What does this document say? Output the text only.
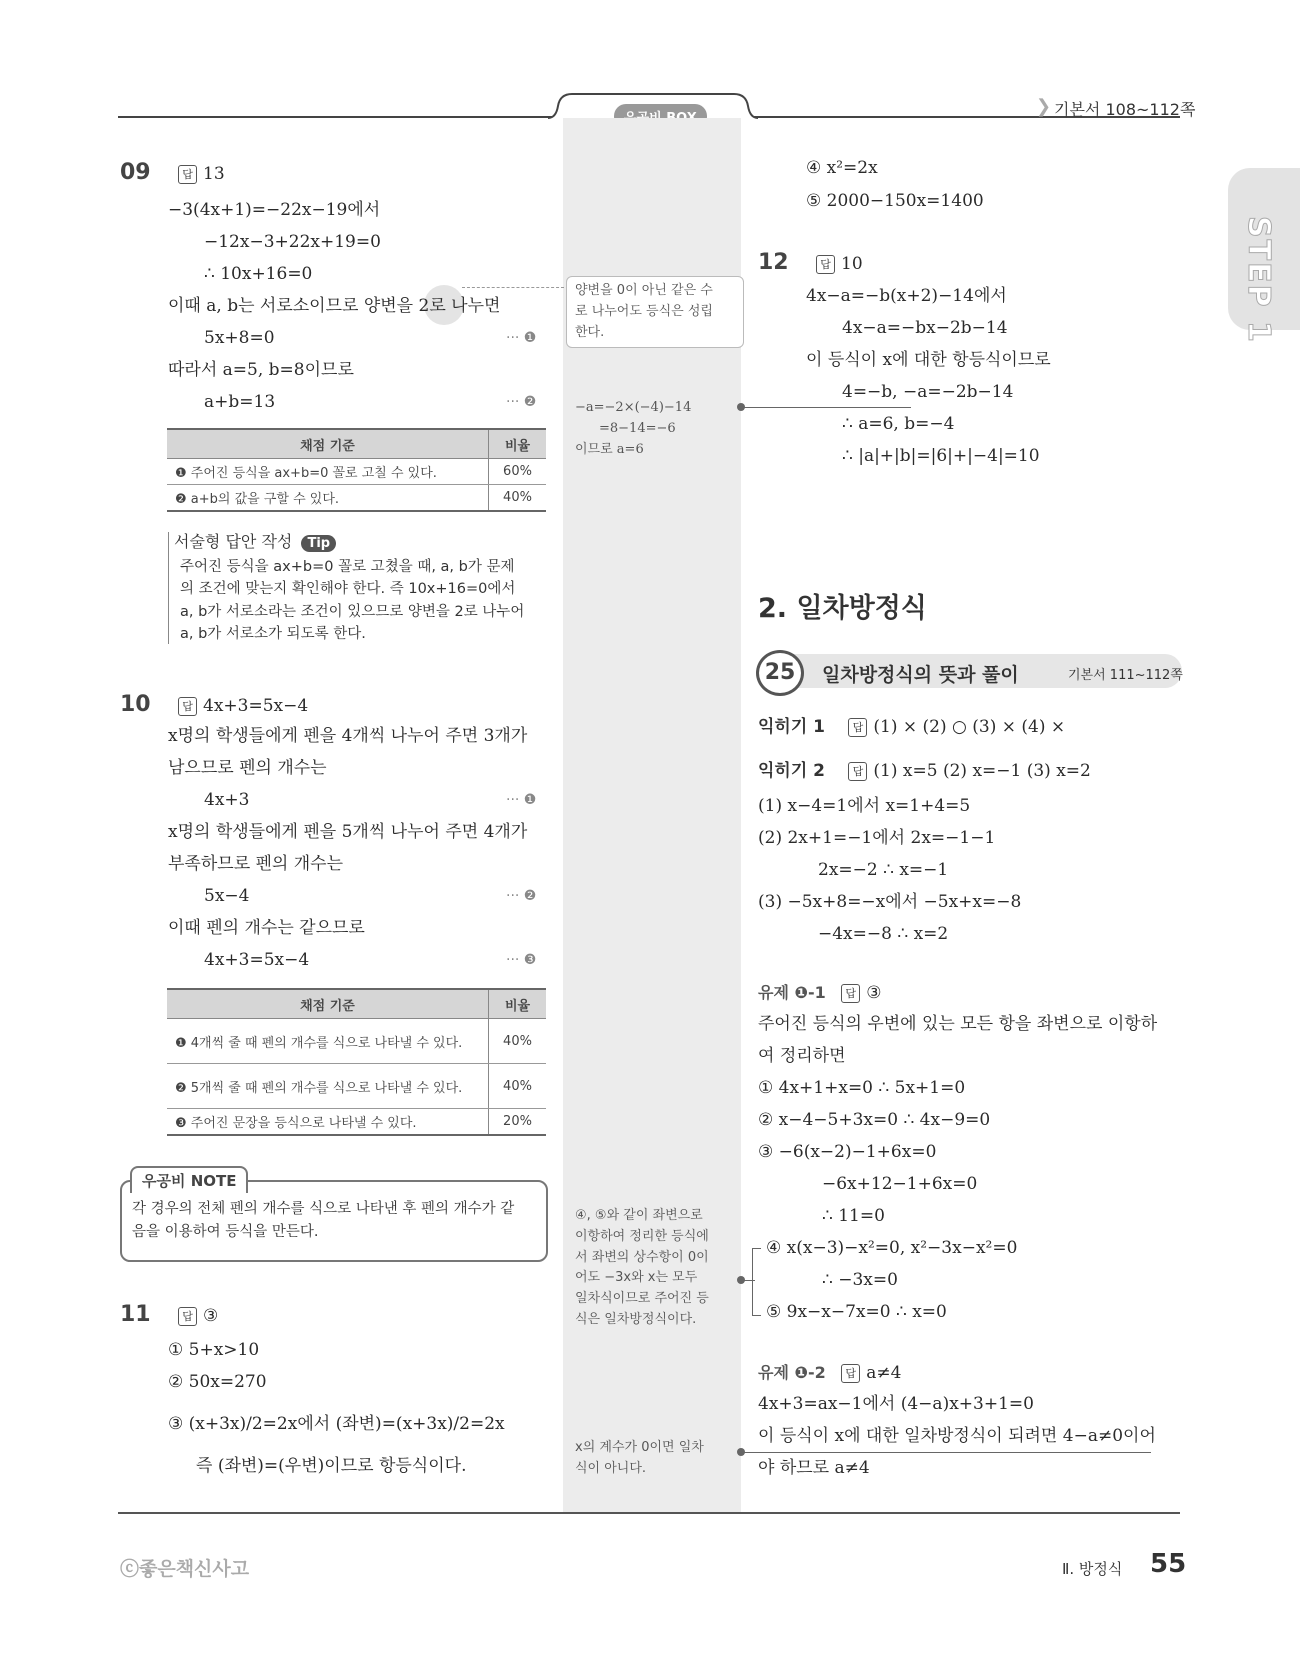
❯ 기본서 108~112쪽
STEP 1
09	답 13
−3(4x+1)=−22x−19에서
−12x−3+22x+19=0
∴ 10x+16=0
이때 a, b는 서로소이므로 양변을 2로 나누면
5x+8=0	··· ❶
따라서 a=5, b=8이므로
a+b=13	··· ❷
채점 기준	비율
❶ 주어진 등식을 ax+b=0 꼴로 고칠 수 있다.	60%
❷ a+b의 값을 구할 수 있다.	40%
서술형 답안 작성 Tip
주어진 등식을 ax+b=0 꼴로 고쳤을 때, a, b가 문제
의 조건에 맞는지 확인해야 한다. 즉 10x+16=0에서
a, b가 서로소라는 조건이 있으므로 양변을 2로 나누어
a, b가 서로소가 되도록 한다.
10	답 4x+3=5x−4
x명의 학생들에게 펜을 4개씩 나누어 주면 3개가
남으므로 펜의 개수는
4x+3	··· ❶
x명의 학생들에게 펜을 5개씩 나누어 주면 4개가
부족하므로 펜의 개수는
5x−4	··· ❷
이때 펜의 개수는 같으므로
4x+3=5x−4	··· ❸
채점 기준	비율
❶ 4개씩 줄 때 펜의 개수를 식으로 나타낼 수 있다.	40%
❷ 5개씩 줄 때 펜의 개수를 식으로 나타낼 수 있다.	40%
❸ 주어진 문장을 등식으로 나타낼 수 있다.	20%
우공비 NOTE
각 경우의 전체 펜의 개수를 식으로 나타낸 후 펜의 개수가 같
음을 이용하여 등식을 만든다.
11	답 ③
① 5+x>10
② 50x=270
③ (x+3x)/2=2x에서 (좌변)=(x+3x)/2=2x
즉 (좌변)=(우변)이므로 항등식이다.
④ x²=2x
⑤ 2000−150x=1400
12	답 10
4x−a=−b(x+2)−14에서
4x−a=−bx−2b−14
이 등식이 x에 대한 항등식이므로
4=−b, −a=−2b−14
∴ a=6, b=−4
∴ |a|+|b|=|6|+|−4|=10
양변을 0이 아닌 같은 수
로 나누어도 등식은 성립
한다.
−a=−2×(−4)−14
=8−14=−6
이므로 a=6
④, ⑤와 같이 좌변으로
이항하여 정리한 등식에
서 좌변의 상수항이 0이
어도 −3x와 x는 모두
일차식이므로 주어진 등
식은 일차방정식이다.
x의 계수가 0이면 일차
식이 아니다.
2. 일차방정식
25	일차방정식의 뜻과 풀이	기본서 111~112쪽
익히기 1	답 (1) × (2) ○ (3) × (4) ×
익히기 2	답 (1) x=5 (2) x=−1 (3) x=2
(1) x−4=1에서 x=1+4=5
(2) 2x+1=−1에서 2x=−1−1
2x=−2 ∴ x=−1
(3) −5x+8=−x에서 −5x+x=−8
−4x=−8 ∴ x=2
유제 ❶-1 답 ③
주어진 등식의 우변에 있는 모든 항을 좌변으로 이항하
여 정리하면
① 4x+1+x=0 ∴ 5x+1=0
② x−4−5+3x=0 ∴ 4x−9=0
③ −6(x−2)−1+6x=0
−6x+12−1+6x=0
∴ 11=0
④ x(x−3)−x²=0, x²−3x−x²=0
∴ −3x=0
⑤ 9x−x−7x=0 ∴ x=0
유제 ❶-2 답 a≠4
4x+3=ax−1에서 (4−a)x+3+1=0
이 등식이 x에 대한 일차방정식이 되려면 4−a≠0이어
야 하므로 a≠4
ⓒ좋은책신사고	Ⅱ. 방정식 55
